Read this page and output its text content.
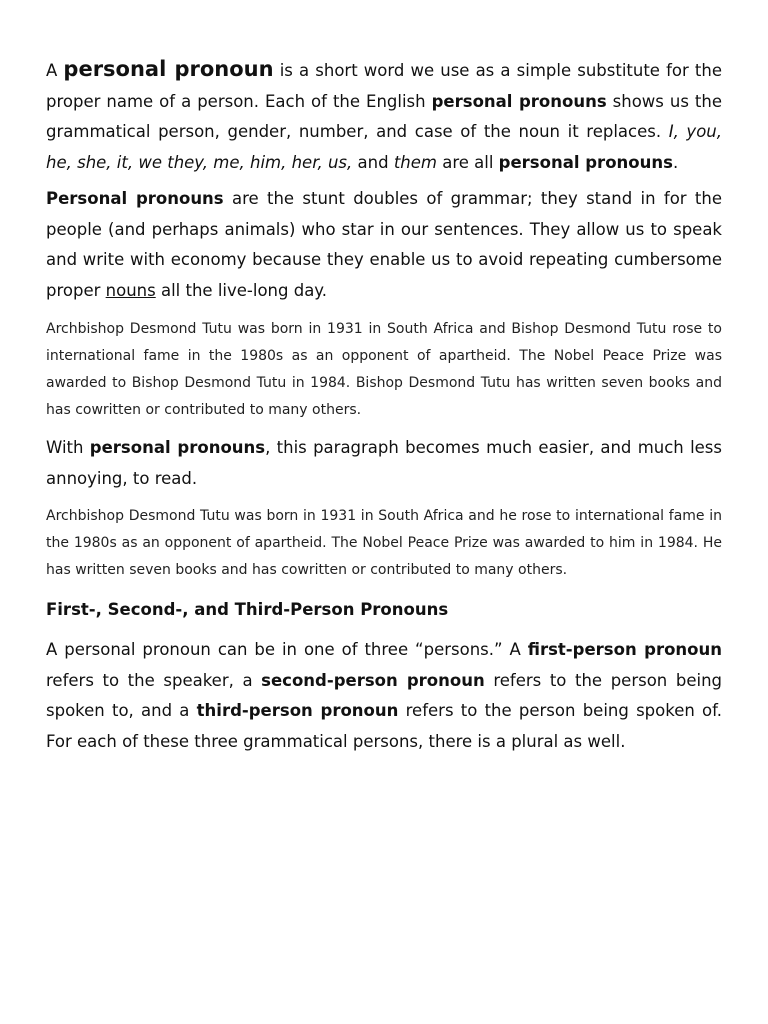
A personal pronoun is a short word we use as a simple substitute for the proper name of a person. Each of the English personal pronouns shows us the grammatical person, gender, number, and case of the noun it replaces. I, you, he, she, it, we they, me, him, her, us, and them are all personal pronouns.

Personal pronouns are the stunt doubles of grammar; they stand in for the people (and perhaps animals) who star in our sentences. They allow us to speak and write with economy because they enable us to avoid repeating cumbersome proper nouns all the live-long day.

Archbishop Desmond Tutu was born in 1931 in South Africa and Bishop Desmond Tutu rose to international fame in the 1980s as an opponent of apartheid. The Nobel Peace Prize was awarded to Bishop Desmond Tutu in 1984. Bishop Desmond Tutu has written seven books and has cowritten or contributed to many others.

With personal pronouns, this paragraph becomes much easier, and much less annoying, to read.

Archbishop Desmond Tutu was born in 1931 in South Africa and he rose to international fame in the 1980s as an opponent of apartheid. The Nobel Peace Prize was awarded to him in 1984. He has written seven books and has cowritten or contributed to many others.

First-, Second-, and Third-Person Pronouns

A personal pronoun can be in one of three “persons.” A first-person pronoun refers to the speaker, a second-person pronoun refers to the person being spoken to, and a third-person pronoun refers to the person being spoken of. For each of these three grammatical persons, there is a plural as well.
